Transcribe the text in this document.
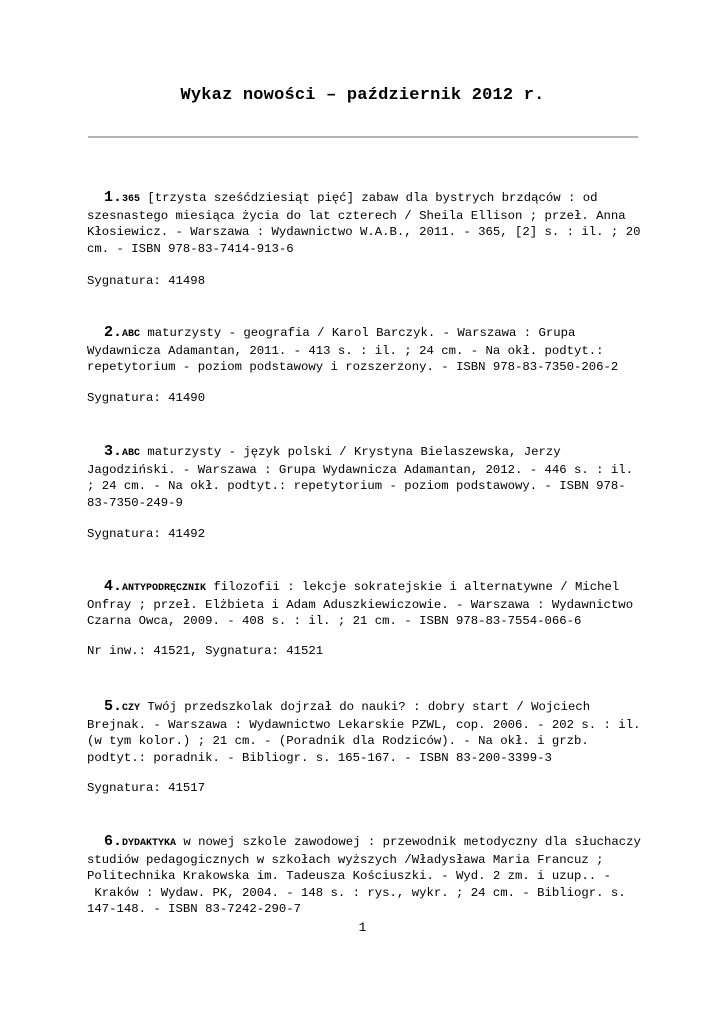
Wykaz nowości – październik 2012 r.

1.365 [trzysta sześćdziesiąt pięć] zabaw dla bystrych brzdąców : od
szesnastego miesiąca życia do lat czterech / Sheila Ellison ; przeł. Anna
Kłosiewicz. - Warszawa : Wydawnictwo W.A.B., 2011. - 365, [2] s. : il. ; 20
cm. - ISBN 978-83-7414-913-6

Sygnatura: 41498

2.ABC maturzysty - geografia / Karol Barczyk. - Warszawa : Grupa
Wydawnicza Adamantan, 2011. - 413 s. : il. ; 24 cm. - Na okł. podtyt.:
repetytorium - poziom podstawowy i rozszerzony. - ISBN 978-83-7350-206-2

Sygnatura: 41490

3.ABC maturzysty - język polski / Krystyna Bielaszewska, Jerzy
Jagodziński. - Warszawa : Grupa Wydawnicza Adamantan, 2012. - 446 s. : il.
; 24 cm. - Na okł. podtyt.: repetytorium - poziom podstawowy. - ISBN 978-
83-7350-249-9

Sygnatura: 41492

4.ANTYPODRĘCZNIK filozofii : lekcje sokratejskie i alternatywne / Michel
Onfray ; przeł. Elżbieta i Adam Aduszkiewiczowie. - Warszawa : Wydawnictwo
Czarna Owca, 2009. - 408 s. : il. ; 21 cm. - ISBN 978-83-7554-066-6

Nr inw.: 41521, Sygnatura: 41521

5.CZY Twój przedszkolak dojrzał do nauki? : dobry start / Wojciech
Brejnak. - Warszawa : Wydawnictwo Lekarskie PZWL, cop. 2006. - 202 s. : il.
(w tym kolor.) ; 21 cm. - (Poradnik dla Rodziców). - Na okł. i grzb.
podtyt.: poradnik. - Bibliogr. s. 165-167. - ISBN 83-200-3399-3

Sygnatura: 41517

6.DYDAKTYKA w nowej szkole zawodowej : przewodnik metodyczny dla słuchaczy
studiów pedagogicznych w szkołach wyższych /Władysława Maria Francuz ;
Politechnika Krakowska im. Tadeusza Kościuszki. - Wyd. 2 zm. i uzup.. -
Kraków : Wydaw. PK, 2004. - 148 s. : rys., wykr. ; 24 cm. - Bibliogr. s.
147-148. - ISBN 83-7242-290-7

1
